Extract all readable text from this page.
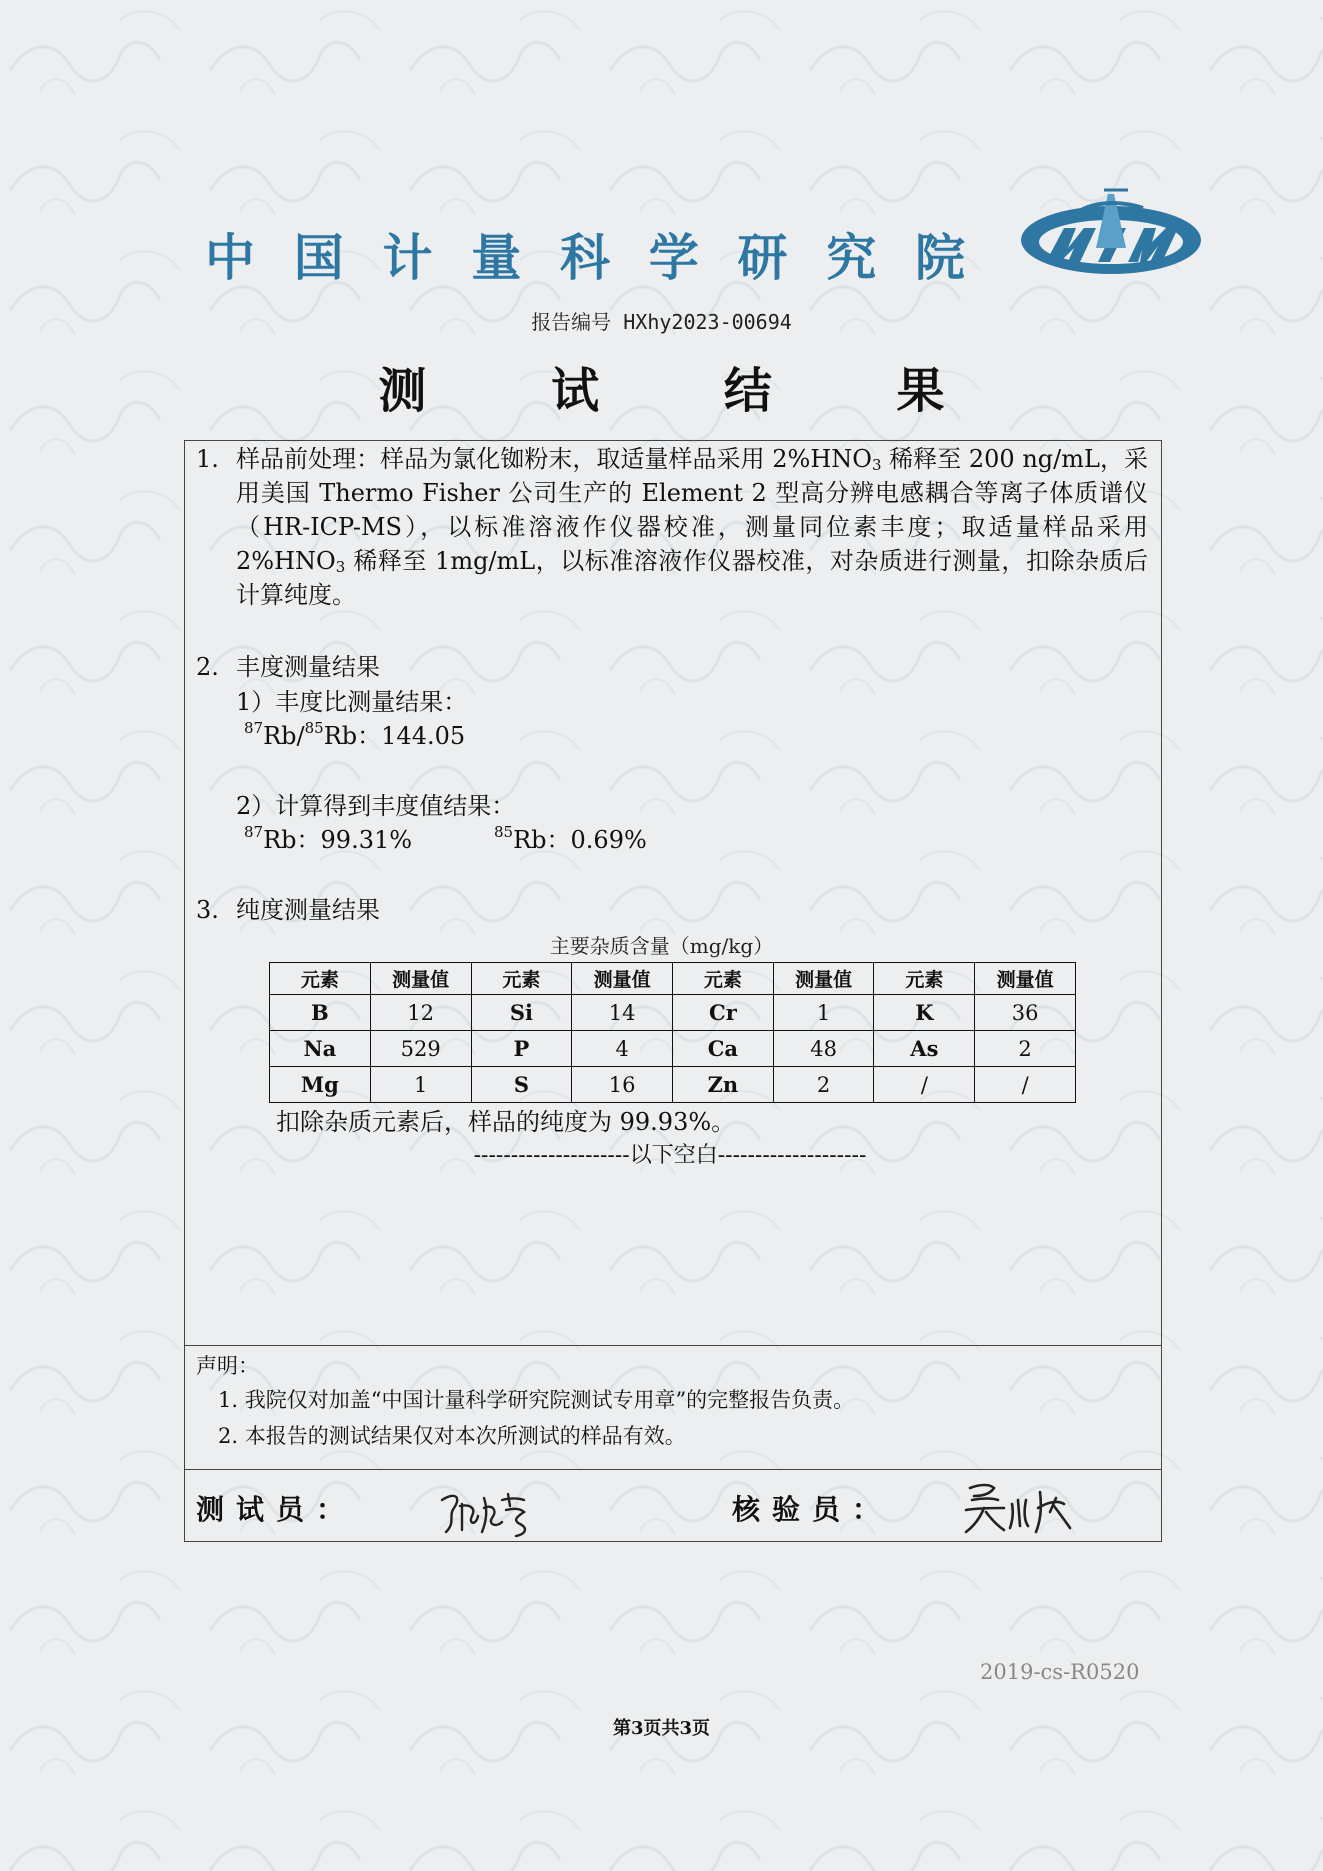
中 国 计 量 科 学 研 究 院
报告编号 HXhy2023-00694
测 试 结 果
1. 样品前处理：样品为氯化铷粉末，取适量样品采用 $2\%HNO_3$ 稀释至 200 ng/mL，采用美国 Thermo Fisher 公司生产的 Element 2 型高分辨电感耦合等离子体质谱仪（HR-ICP-MS），以标准溶液作仪器校准，测量同位素丰度；取适量样品采用 $2\%HNO_3$ 稀释至 1mg/mL，以标准溶液作仪器校准，对杂质进行测量，扣除杂质后计算纯度。
2. 丰度测量结果
1）丰度比测量结果：
$^{87}$Rb/$^{85}$Rb：144.05
2）计算得到丰度值结果：
$^{87}$Rb：99.31%	$^{85}$Rb：0.69%
3. 纯度测量结果
主要杂质含量（mg/kg）
元素	测量值	元素	测量值	元素	测量值	元素	测量值
B	12	Si	14	Cr	1	K	36
Na	529	P	4	Ca	48	As	2
Mg	1	S	16	Zn	2	/	/
扣除杂质元素后，样品的纯度为 99.93%。
---------------------以下空白--------------------
声明：
1. 我院仅对加盖“中国计量科学研究院测试专用章”的完整报告负责。
2. 本报告的测试结果仅对本次所测试的样品有效。
测试员：	核验员：
2019-cs-R0520
第3页共3页
